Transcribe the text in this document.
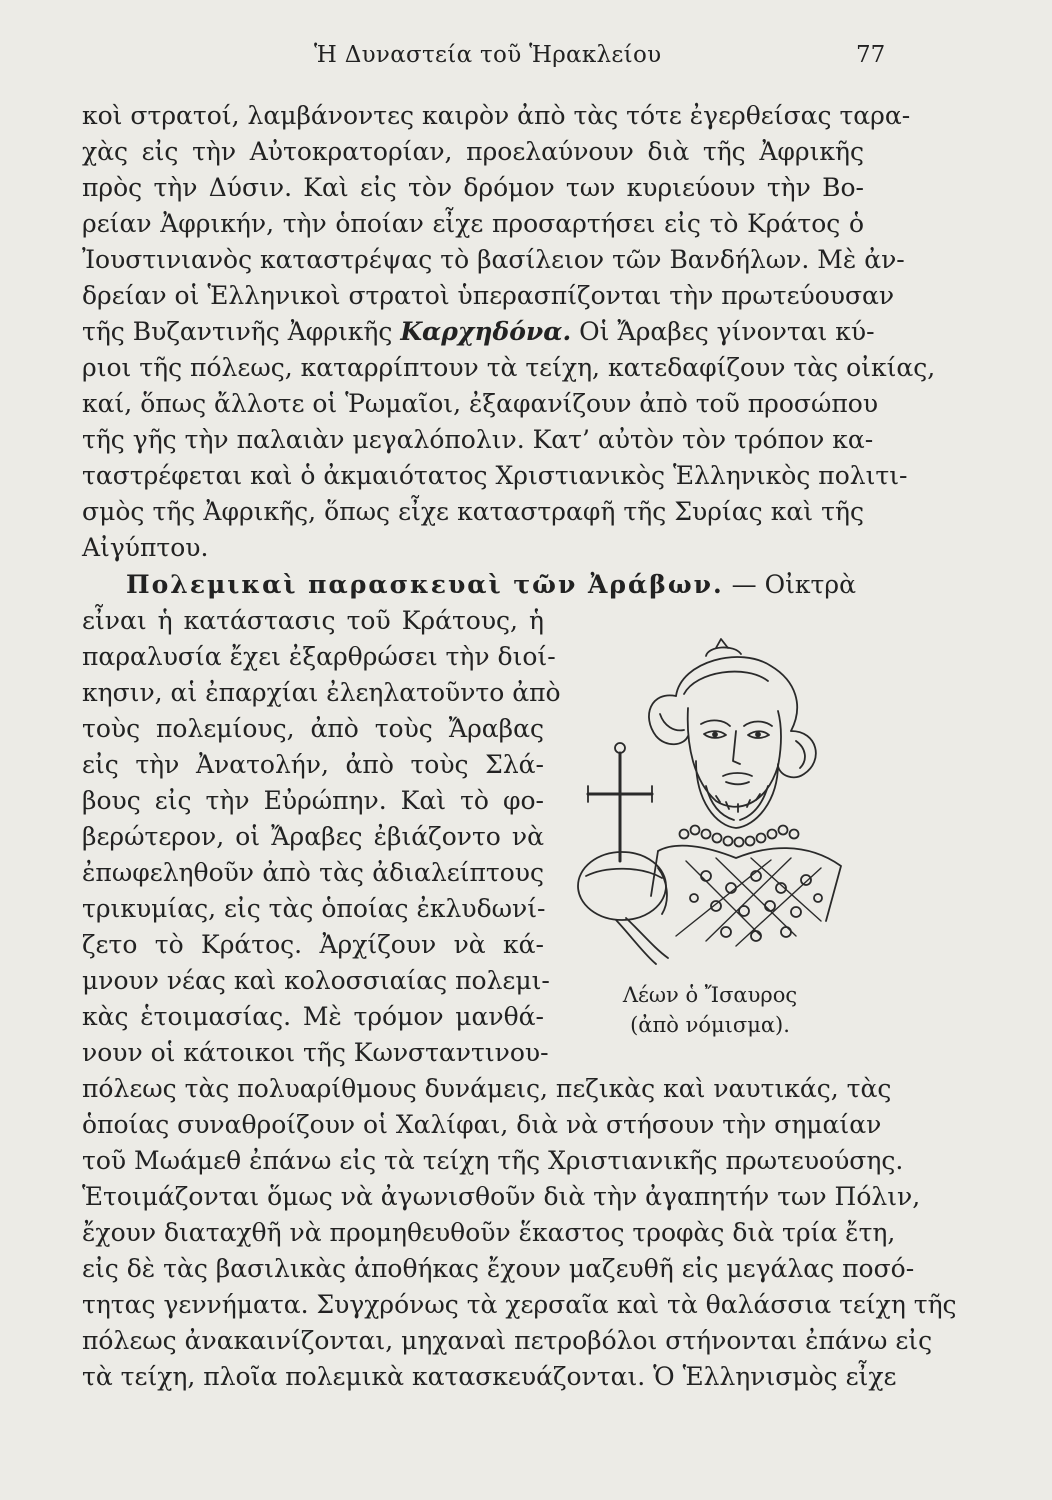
Ἡ Δυναστεία τοῦ Ἡρακλείου	77
κοὶ στρατοί, λαμβάνοντες καιρὸν ἀπὸ τὰς τότε ἐγερθείσας ταρα-
χὰς εἰς τὴν Αὐτοκρατορίαν, προελαύνουν διὰ τῆς Ἀφρικῆς
πρὸς τὴν Δύσιν. Καὶ εἰς τὸν δρόμον των κυριεύουν τὴν Βο-
ρείαν Ἀφρικήν, τὴν ὁποίαν εἶχε προσαρτήσει εἰς τὸ Κράτος ὁ
Ἰουστινιανὸς καταστρέψας τὸ βασίλειον τῶν Βανδήλων. Μὲ ἀν-
δρείαν οἱ Ἑλληνικοὶ στρατοὶ ὑπερασπίζονται τὴν πρωτεύουσαν
τῆς Βυζαντινῆς Ἀφρικῆς Καρχηδόνα. Οἱ Ἄραβες γίνονται κύ-
ριοι τῆς πόλεως, καταρρίπτουν τὰ τείχη, κατεδαφίζουν τὰς οἰκίας,
καί, ὅπως ἄλλοτε οἱ Ῥωμαῖοι, ἐξαφανίζουν ἀπὸ τοῦ προσώπου
τῆς γῆς τὴν παλαιὰν μεγαλόπολιν. Κατ’ αὐτὸν τὸν τρόπον κα-
ταστρέφεται καὶ ὁ ἀκμαιότατος Χριστιανικὸς Ἑλληνικὸς πολιτι-
σμὸς τῆς Ἀφρικῆς, ὅπως εἶχε καταστραφῆ τῆς Συρίας καὶ τῆς
Αἰγύπτου.
Πολεμικαὶ παρασκευαὶ τῶν Ἀράβων. — Οἰκτρὰ
εἶναι ἡ κατάστασις τοῦ Κράτους, ἡ
παραλυσία ἔχει ἐξαρθρώσει τὴν διοί-
κησιν, αἱ ἐπαρχίαι ἐλεηλατοῦντο ἀπὸ
τοὺς πολεμίους, ἀπὸ τοὺς Ἄραβας
εἰς τὴν Ἀνατολήν, ἀπὸ τοὺς Σλά-
βους εἰς τὴν Εὐρώπην. Καὶ τὸ φο-
βερώτερον, οἱ Ἄραβες ἐβιάζοντο νὰ
ἐπωφεληθοῦν ἀπὸ τὰς ἀδιαλείπτους
τρικυμίας, εἰς τὰς ὁποίας ἐκλυδωνί-
ζετο τὸ Κράτος. Ἀρχίζουν νὰ κά-
μνουν νέας καὶ κολοσσιαίας πολεμι-
κὰς ἑτοιμασίας. Μὲ τρόμον μανθά-
νουν οἱ κάτοικοι τῆς Κωνσταντινου-
πόλεως τὰς πολυαρίθμους δυνάμεις, πεζικὰς καὶ ναυτικάς, τὰς
ὁποίας συναθροίζουν οἱ Χαλίφαι, διὰ νὰ στήσουν τὴν σημαίαν
τοῦ Μωάμεθ ἐπάνω εἰς τὰ τείχη τῆς Χριστιανικῆς πρωτευούσης.
Ἑτοιμάζονται ὅμως νὰ ἀγωνισθοῦν διὰ τὴν ἀγαπητήν των Πόλιν,
ἔχουν διαταχθῆ νὰ προμηθευθοῦν ἕκαστος τροφὰς διὰ τρία ἔτη,
εἰς δὲ τὰς βασιλικὰς ἀποθήκας ἔχουν μαζευθῆ εἰς μεγάλας ποσό-
τητας γεννήματα. Συγχρόνως τὰ χερσαῖα καὶ τὰ θαλάσσια τείχη τῆς
πόλεως ἀνακαινίζονται, μηχαναὶ πετροβόλοι στήνονται ἐπάνω εἰς
τὰ τείχη, πλοῖα πολεμικὰ κατασκευάζονται. Ὁ Ἑλληνισμὸς εἶχε
Λέων ὁ Ἴσαυρος
(ἀπὸ νόμισμα).
